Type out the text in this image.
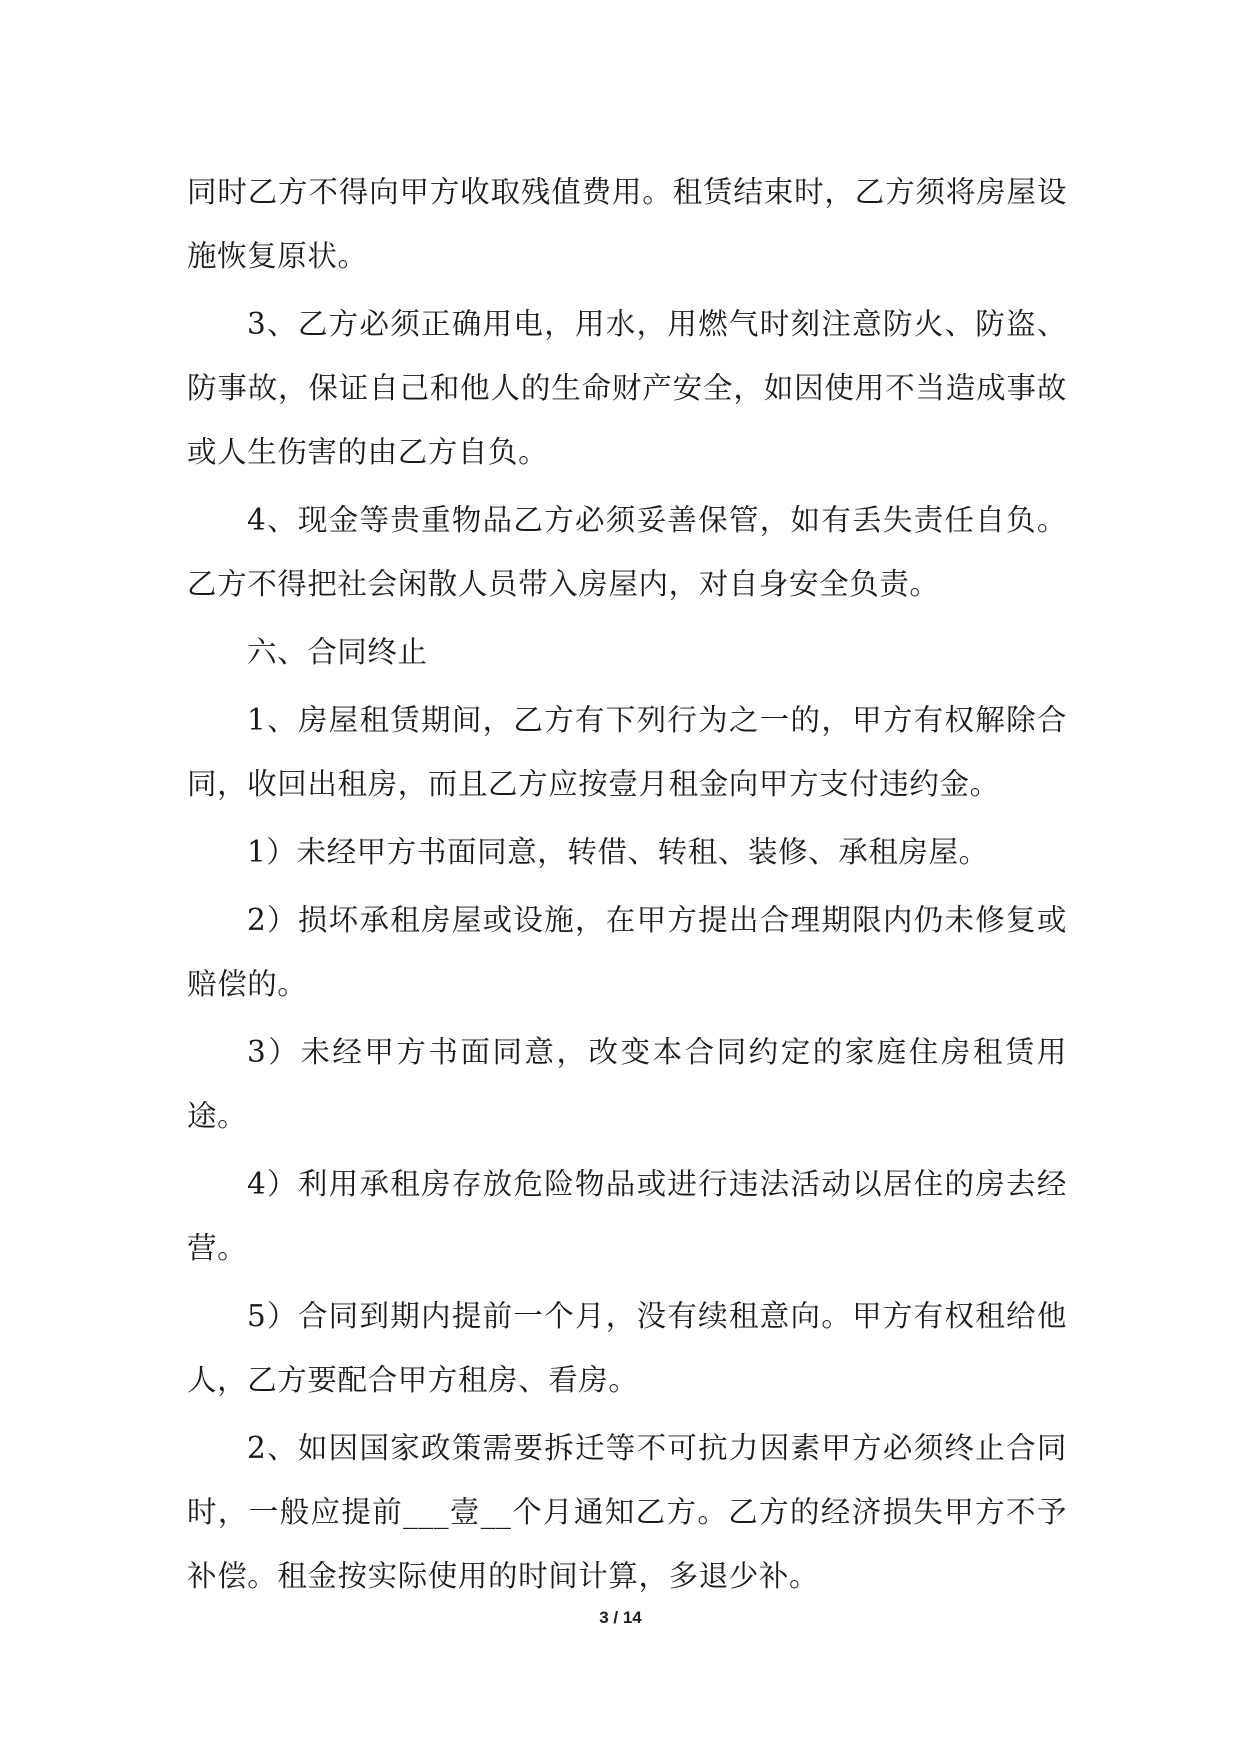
同时乙方不得向甲方收取残值费用。租赁结束时，乙方须将房屋设施恢复原状。

3、乙方必须正确用电，用水，用燃气时刻注意防火、防盗、防事故，保证自己和他人的生命财产安全，如因使用不当造成事故或人生伤害的由乙方自负。

4、现金等贵重物品乙方必须妥善保管，如有丢失责任自负。乙方不得把社会闲散人员带入房屋内，对自身安全负责。

六、合同终止

1、房屋租赁期间，乙方有下列行为之一的，甲方有权解除合同，收回出租房，而且乙方应按壹月租金向甲方支付违约金。

1）未经甲方书面同意，转借、转租、装修、承租房屋。

2）损坏承租房屋或设施，在甲方提出合理期限内仍未修复或赔偿的。

3）未经甲方书面同意，改变本合同约定的家庭住房租赁用途。

4）利用承租房存放危险物品或进行违法活动以居住的房去经营。

5）合同到期内提前一个月，没有续租意向。甲方有权租给他人，乙方要配合甲方租房、看房。

2、如因国家政策需要拆迁等不可抗力因素甲方必须终止合同时，一般应提前___壹__个月通知乙方。乙方的经济损失甲方不予补偿。租金按实际使用的时间计算，多退少补。

3 / 14
